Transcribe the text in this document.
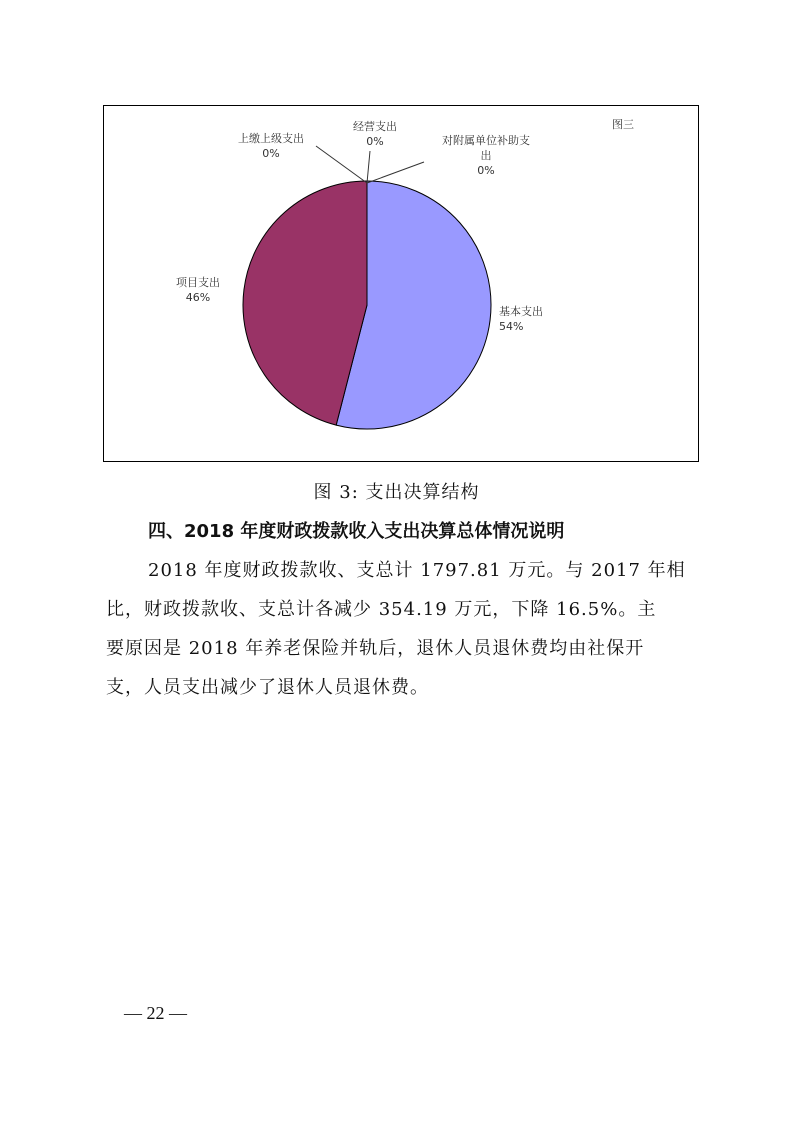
图三
基本支出 54%
项目支出 46%
上缴上级支出 0%
经营支出 0%	对附属单位补助支出 0%
图 3: 支出决算结构
四、2018 年度财政拨款收入支出决算总体情况说明
2018 年度财政拨款收、支总计 1797.81 万元。与 2017 年相
比，财政拨款收、支总计各减少 354.19 万元，下降 16.5%。主
要原因是 2018 年养老保险并轨后，退休人员退休费均由社保开
支，人员支出减少了退休人员退休费。
— 22 —
